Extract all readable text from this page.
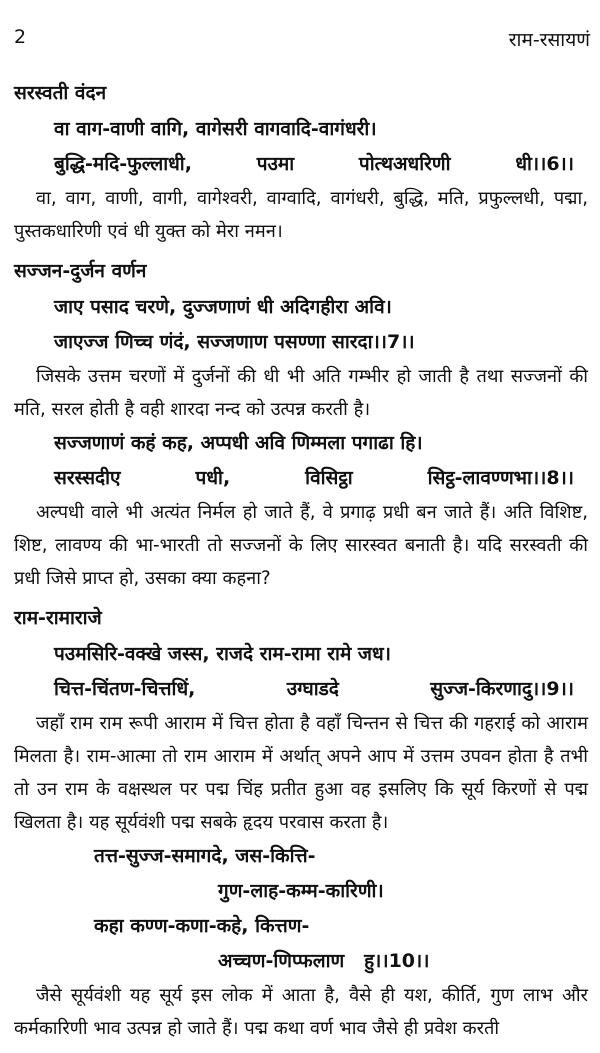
2	राम-रसायणं
सरस्वती वंदन
वा वाग-वाणी वागि, वागेसरी वागवादि-वागंधरी।
बुद्धि-मदि-फुल्लाधी,	पउमा	पोत्थअधरिणी	धी।।6।।

वा, वाग, वाणी, वागी, वागेश्वरी, वाग्वादि, वागंधरी, बुद्धि, मति, प्रफुल्लधी, पद्मा, पुस्तकधारिणी एवं धी युक्त को मेरा नमन।

सज्जन-दुर्जन वर्णन
जाए पसाद चरणे, दुज्जणाणं धी अदिगहीरा अवि।
जाएज्ज णिच्च णंदं, सज्जणाण पसण्णा सारदा।।7।।

जिसके उत्तम चरणों में दुर्जनों की धी भी अति गम्भीर हो जाती है तथा सज्जनों की मति, सरल होती है वही शारदा नन्द को उत्पन्न करती है।

सज्जणाणं कहं कह, अप्पधी अवि णिम्मला पगाढा हि।
सरस्सदीए	पधी,	विसिट्ठा	सिट्ठ-लावण्णभा।।8।।

अल्पधी वाले भी अत्यंत निर्मल हो जाते हैं, वे प्रगाढ़ प्रधी बन जाते हैं। अति विशिष्ट, शिष्ट, लावण्य की भा-भारती तो सज्जनों के लिए सारस्वत बनाती है। यदि सरस्वती की प्रधी जिसे प्राप्त हो, उसका क्या कहना?

राम-रामाराजे
पउमसिरि-वक्खे जस्स, राजदे राम-रामा रामे जध।
चित्त-चिंतण-चित्तधिं,	उग्घाडदे	सुज्ज-किरणादु।।9।।

जहाँ राम राम रूपी आराम में चित्त होता है वहाँ चिन्तन से चित्त की गहराई को आराम मिलता है। राम-आत्मा तो राम आराम में अर्थात् अपने आप में उत्तम उपवन होता है तभी तो उन राम के वक्षस्थल पर पद्म चिंह प्रतीत हुआ वह इसलिए कि सूर्य किरणों से पद्म खिलता है। यह सूर्यवंशी पद्म सबके हृदय परवास करता है।

तत्त-सुज्ज-समागदे, जस-कित्ति-
गुण-लाह-कम्म-कारिणी।
कहा कण्ण-कणा-कहे, कित्तण-
अच्चण-णिप्फलाण   हु।।10।।

जैसे सूर्यवंशी यह सूर्य इस लोक में आता है, वैसे ही यश, कीर्ति, गुण लाभ और कर्मकारिणी भाव उत्पन्न हो जाते हैं। पद्म कथा वर्ण भाव जैसे ही प्रवेश करती
